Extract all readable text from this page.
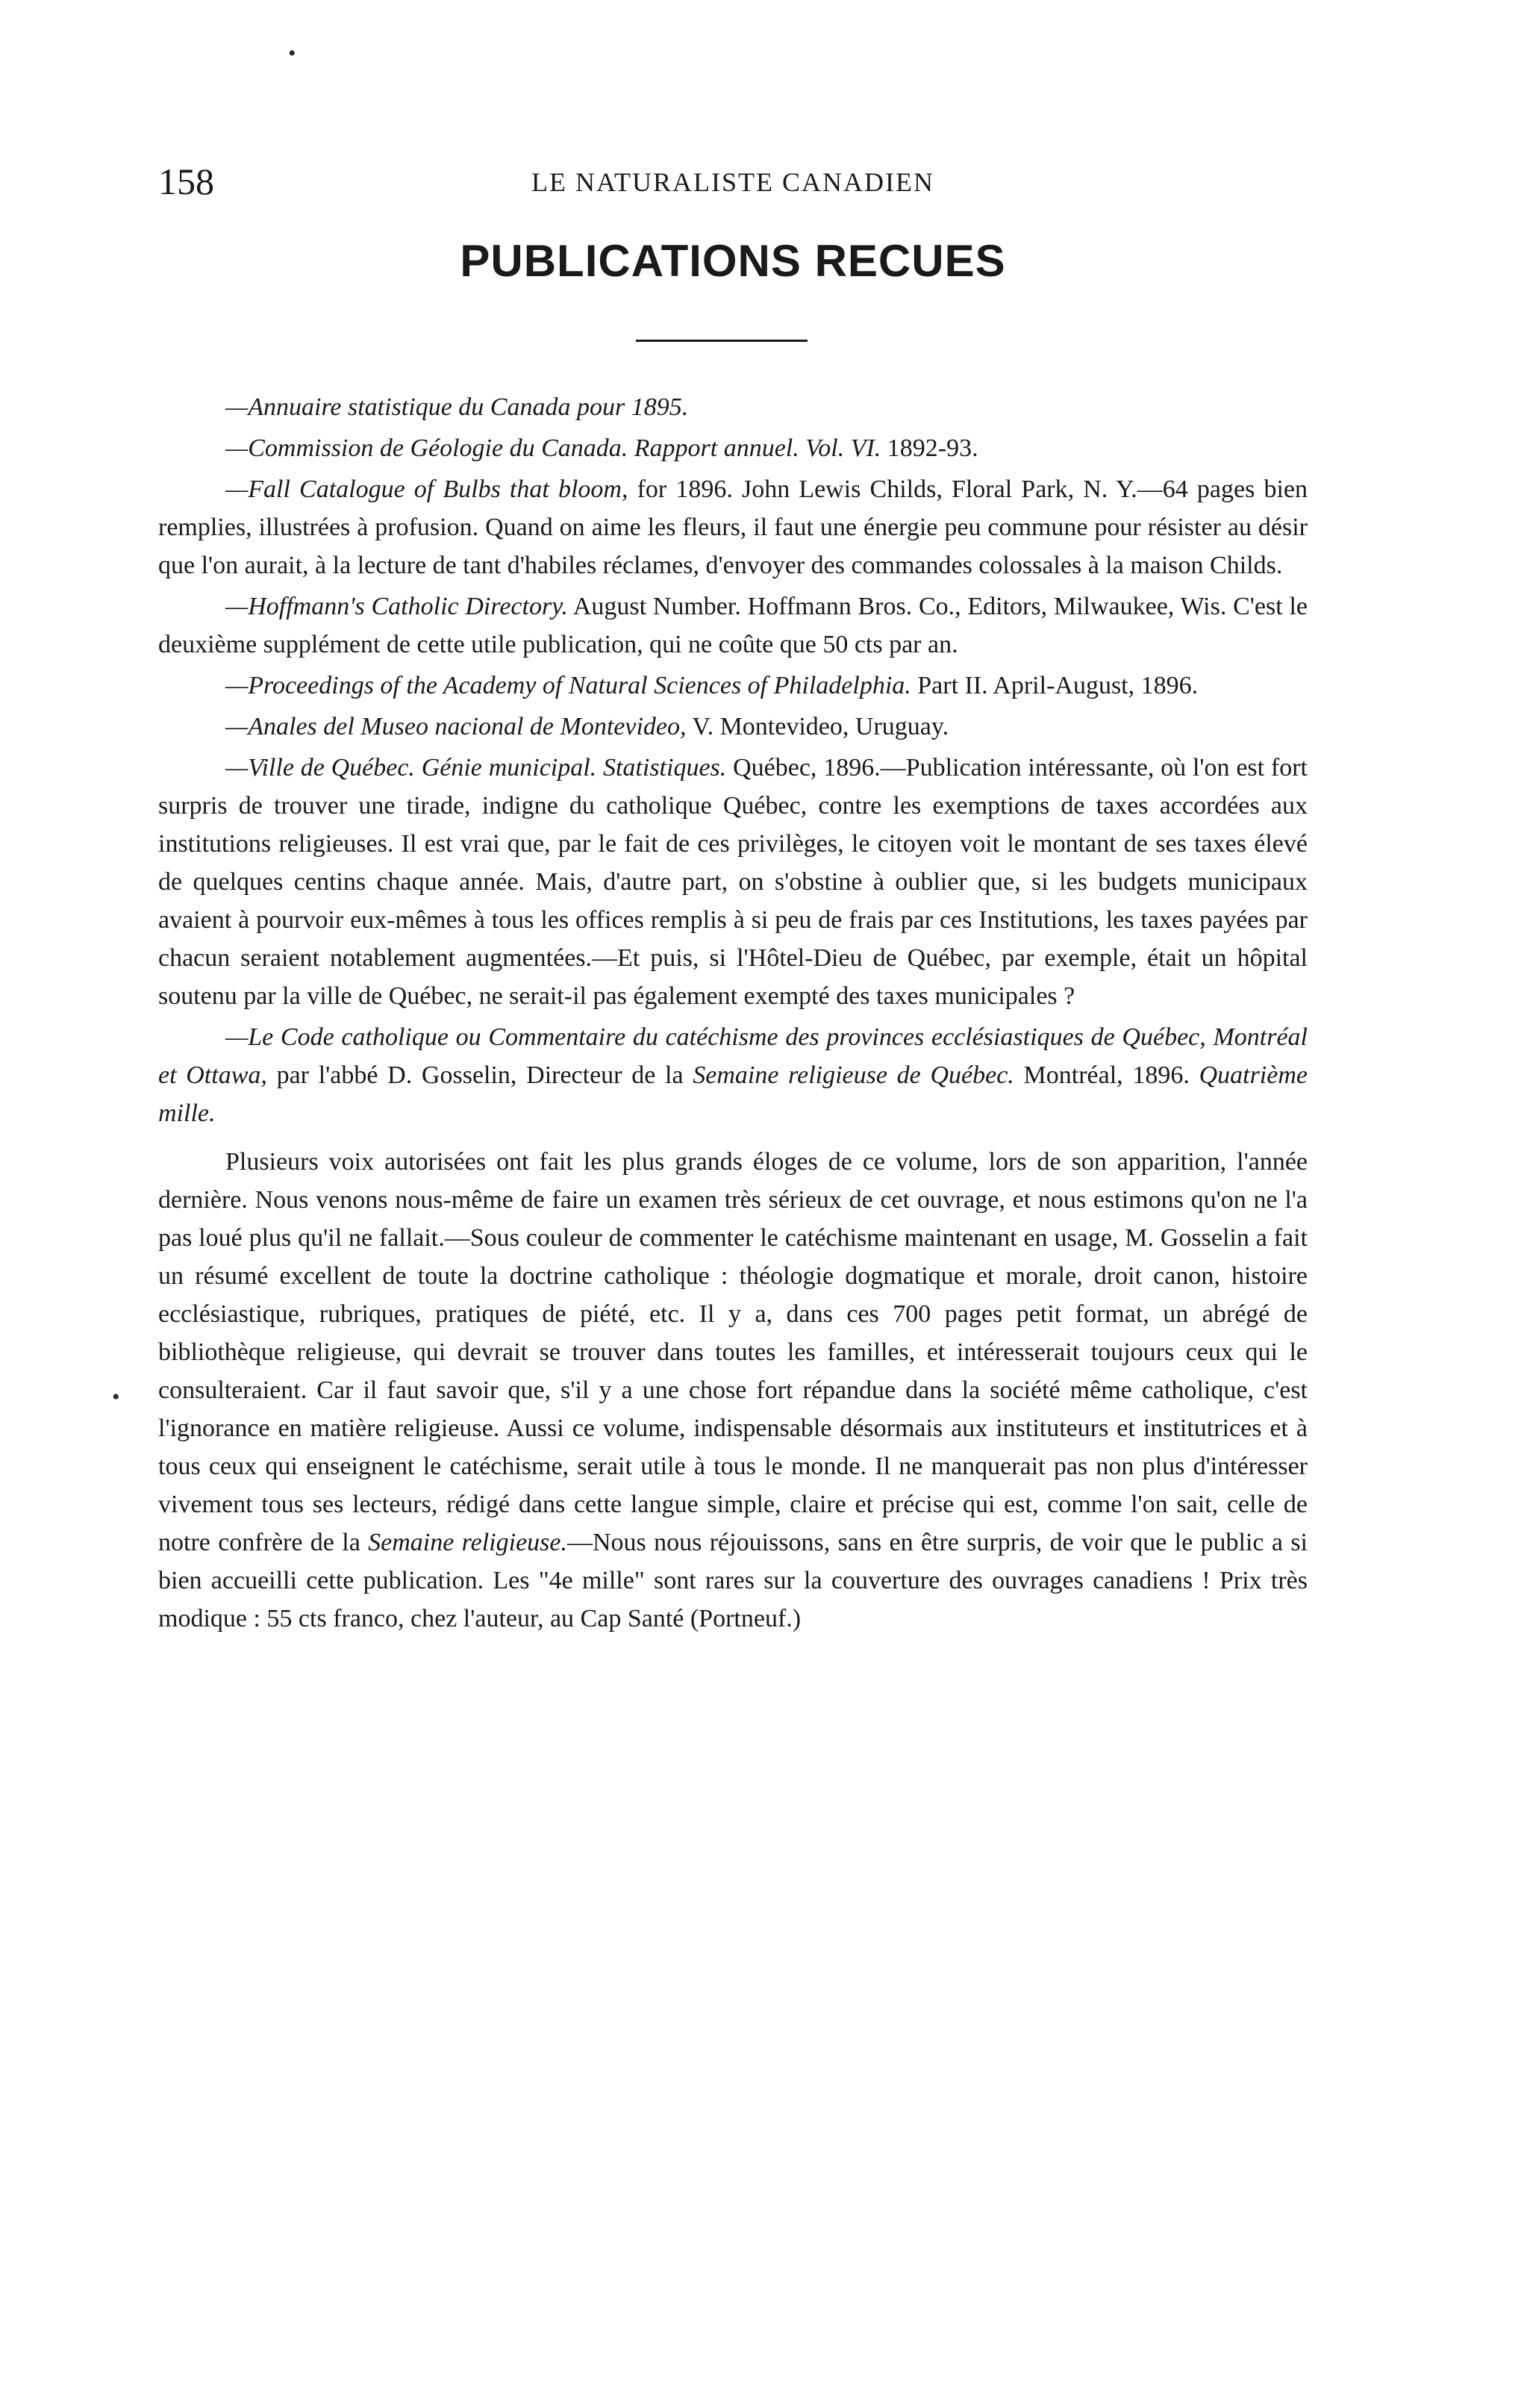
158	LE NATURALISTE CANADIEN
PUBLICATIONS RECUES

—Annuaire statistique du Canada pour 1895.

—Commission de Géologie du Canada. Rapport annuel. Vol. VI. 1892-93.

—Fall Catalogue of Bulbs that bloom, for 1896. John Lewis Childs, Floral Park, N. Y.—64 pages bien remplies, illustrées à profusion. Quand on aime les fleurs, il faut une énergie peu commune pour résister au désir que l'on aurait, à la lecture de tant d'habiles réclames, d'envoyer des commandes colossales à la maison Childs.

—Hoffmann's Catholic Directory. August Number. Hoffmann Bros. Co., Editors, Milwaukee, Wis. C'est le deuxième supplément de cette utile publication, qui ne coûte que 50 cts par an.

—Proceedings of the Academy of Natural Sciences of Philadelphia. Part II. April-August, 1896.

—Anales del Museo nacional de Montevideo, V. Montevideo, Uruguay.

—Ville de Québec. Génie municipal. Statistiques. Québec, 1896.—Publication intéressante, où l'on est fort surpris de trouver une tirade, indigne du catholique Québec, contre les exemptions de taxes accordées aux institutions religieuses. Il est vrai que, par le fait de ces privilèges, le citoyen voit le montant de ses taxes élevé de quelques centins chaque année. Mais, d'autre part, on s'obstine à oublier que, si les budgets municipaux avaient à pourvoir eux-mêmes à tous les offices remplis à si peu de frais par ces Institutions, les taxes payées par chacun seraient notablement augmentées.—Et puis, si l'Hôtel-Dieu de Québec, par exemple, était un hôpital soutenu par la ville de Québec, ne serait-il pas également exempté des taxes municipales ?

—Le Code catholique ou Commentaire du catéchisme des provinces ecclésiastiques de Québec, Montréal et Ottawa, par l'abbé D. Gosselin, Directeur de la Semaine religieuse de Québec. Montréal, 1896. Quatrième mille.

Plusieurs voix autorisées ont fait les plus grands éloges de ce volume, lors de son apparition, l'année dernière. Nous venons nous-même de faire un examen très sérieux de cet ouvrage, et nous estimons qu'on ne l'a pas loué plus qu'il ne fallait.—Sous couleur de commenter le catéchisme maintenant en usage, M. Gosselin a fait un résumé excellent de toute la doctrine catholique : théologie dogmatique et morale, droit canon, histoire ecclésiastique, rubriques, pratiques de piété, etc. Il y a, dans ces 700 pages petit format, un abrégé de bibliothèque religieuse, qui devrait se trouver dans toutes les familles, et intéresserait toujours ceux qui le consulteraient. Car il faut savoir que, s'il y a une chose fort répandue dans la société même catholique, c'est l'ignorance en matière religieuse. Aussi ce volume, indispensable désormais aux instituteurs et institutrices et à tous ceux qui enseignent le catéchisme, serait utile à tous le monde. Il ne manquerait pas non plus d'intéresser vivement tous ses lecteurs, rédigé dans cette langue simple, claire et précise qui est, comme l'on sait, celle de notre confrère de la Semaine religieuse.—Nous nous réjouissons, sans en être surpris, de voir que le public a si bien accueilli cette publication. Les "4e mille" sont rares sur la couverture des ouvrages canadiens ! Prix très modique : 55 cts franco, chez l'auteur, au Cap Santé (Portneuf.)

•
•
